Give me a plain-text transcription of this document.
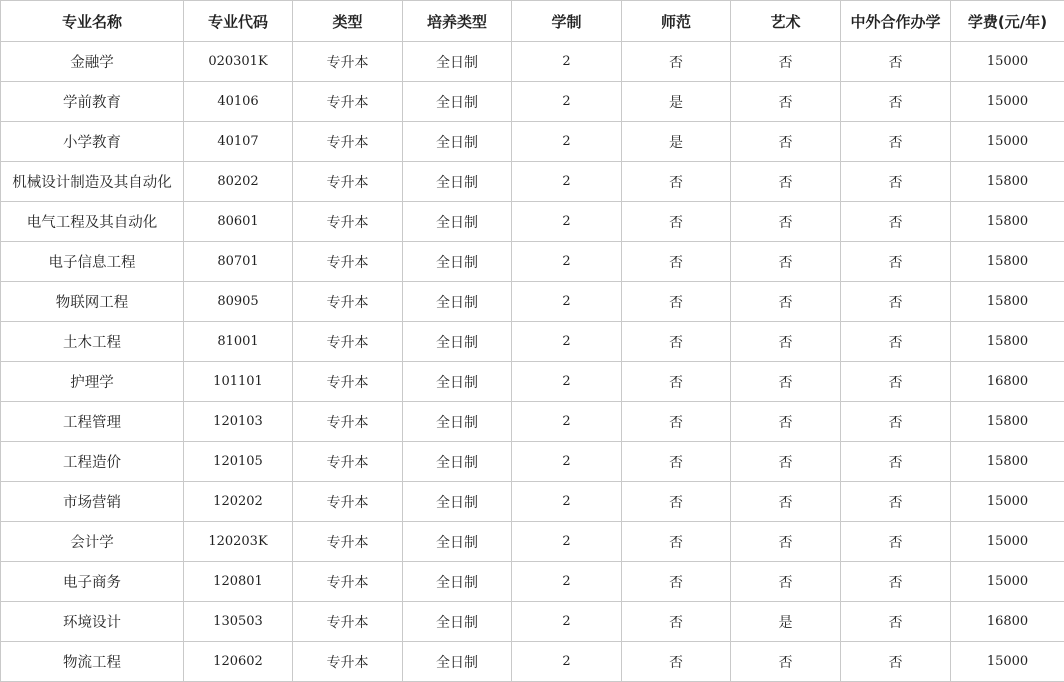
专业名称	专业代码	类型	培养类型	学制	师范	艺术	中外合作办学	学费(元/年)
金融学	020301K	专升本	全日制	2	否	否	否	15000
学前教育	40106	专升本	全日制	2	是	否	否	15000
小学教育	40107	专升本	全日制	2	是	否	否	15000
机械设计制造及其自动化	80202	专升本	全日制	2	否	否	否	15800
电气工程及其自动化	80601	专升本	全日制	2	否	否	否	15800
电子信息工程	80701	专升本	全日制	2	否	否	否	15800
物联网工程	80905	专升本	全日制	2	否	否	否	15800
土木工程	81001	专升本	全日制	2	否	否	否	15800
护理学	101101	专升本	全日制	2	否	否	否	16800
工程管理	120103	专升本	全日制	2	否	否	否	15800
工程造价	120105	专升本	全日制	2	否	否	否	15800
市场营销	120202	专升本	全日制	2	否	否	否	15000
会计学	120203K	专升本	全日制	2	否	否	否	15000
电子商务	120801	专升本	全日制	2	否	否	否	15000
环境设计	130503	专升本	全日制	2	否	是	否	16800
物流工程	120602	专升本	全日制	2	否	否	否	15000
